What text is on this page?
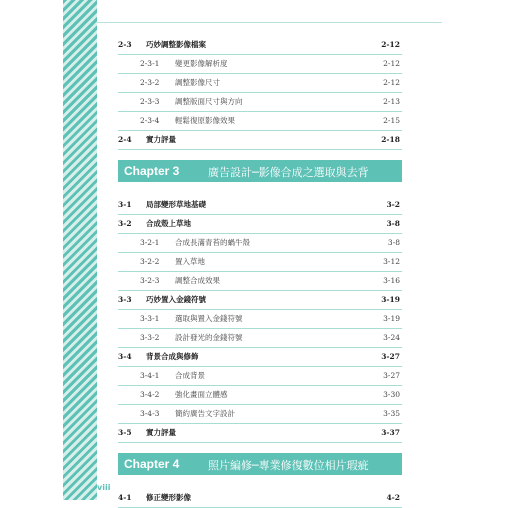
2-3 巧妙調整影像檔案	2-12
2-3-1 變更影像解析度	2-12
2-3-2 調整影像尺寸	2-12
2-3-3 調整版面尺寸與方向	2-13
2-3-4 輕鬆復原影像效果	2-15
2-4 實力評量	2-18
Chapter 3	廣告設計─影像合成之選取與去背
3-1 局部變形草地基礎	3-2
3-2 合成殼上草地	3-8
3-2-1 合成長滿青苔的蝸牛殼	3-8
3-2-2 置入草地	3-12
3-2-3 調整合成效果	3-16
3-3 巧妙置入金錢符號	3-19
3-3-1 選取與置入金錢符號	3-19
3-3-2 設計發光的金錢符號	3-24
3-4 背景合成與修飾	3-27
3-4-1 合成背景	3-27
3-4-2 強化畫面立體感	3-30
3-4-3 簡約廣告文字設計	3-35
3-5 實力評量	3-37
Chapter 4	照片編修─專業修復數位相片瑕疵
4-1 修正變形影像	4-2
viii
